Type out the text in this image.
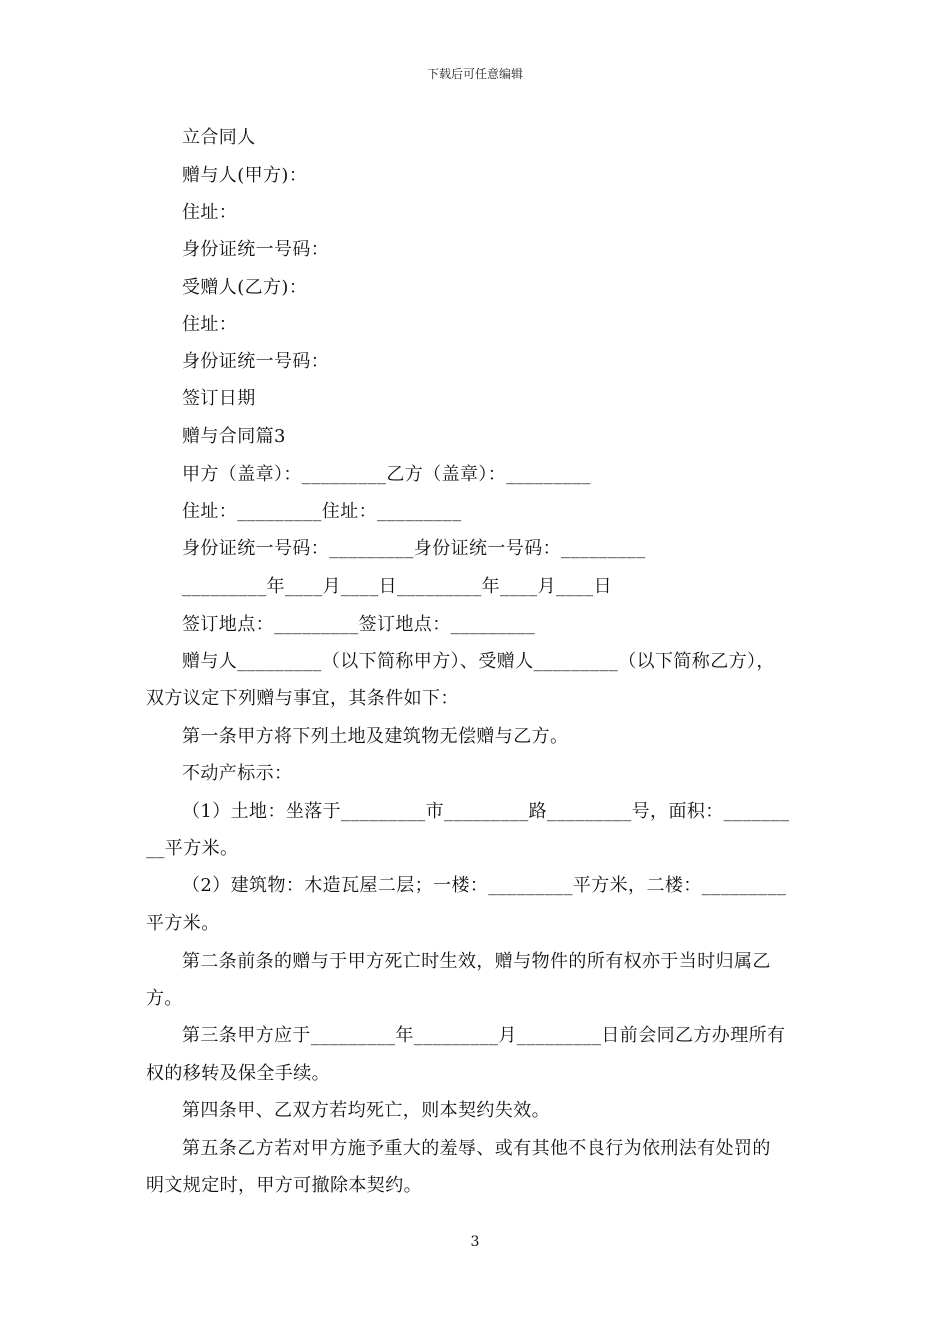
下载后可任意编辑
立合同人
赠与人(甲方)：
住址：
身份证统一号码：
受赠人(乙方)：
住址：
身份证统一号码：
签订日期
赠与合同篇3
甲方（盖章）：_________乙方（盖章）：_________
住址：_________住址：_________
身份证统一号码：_________身份证统一号码：_________
_________年____月____日_________年____月____日
签订地点：_________签订地点：_________
赠与人_________（以下简称甲方）、受赠人_________（以下简称乙方），
双方议定下列赠与事宜，其条件如下：
第一条甲方将下列土地及建筑物无偿赠与乙方。
不动产标示：
（1）土地：坐落于_________市_________路_________号，面积：_______
__平方米。
（2）建筑物：木造瓦屋二层；一楼：_________平方米，二楼：_________
平方米。
第二条前条的赠与于甲方死亡时生效，赠与物件的所有权亦于当时归属乙
方。
第三条甲方应于_________年_________月_________日前会同乙方办理所有
权的移转及保全手续。
第四条甲、乙双方若均死亡，则本契约失效。
第五条乙方若对甲方施予重大的羞辱、或有其他不良行为依刑法有处罚的
明文规定时，甲方可撤除本契约。
3
